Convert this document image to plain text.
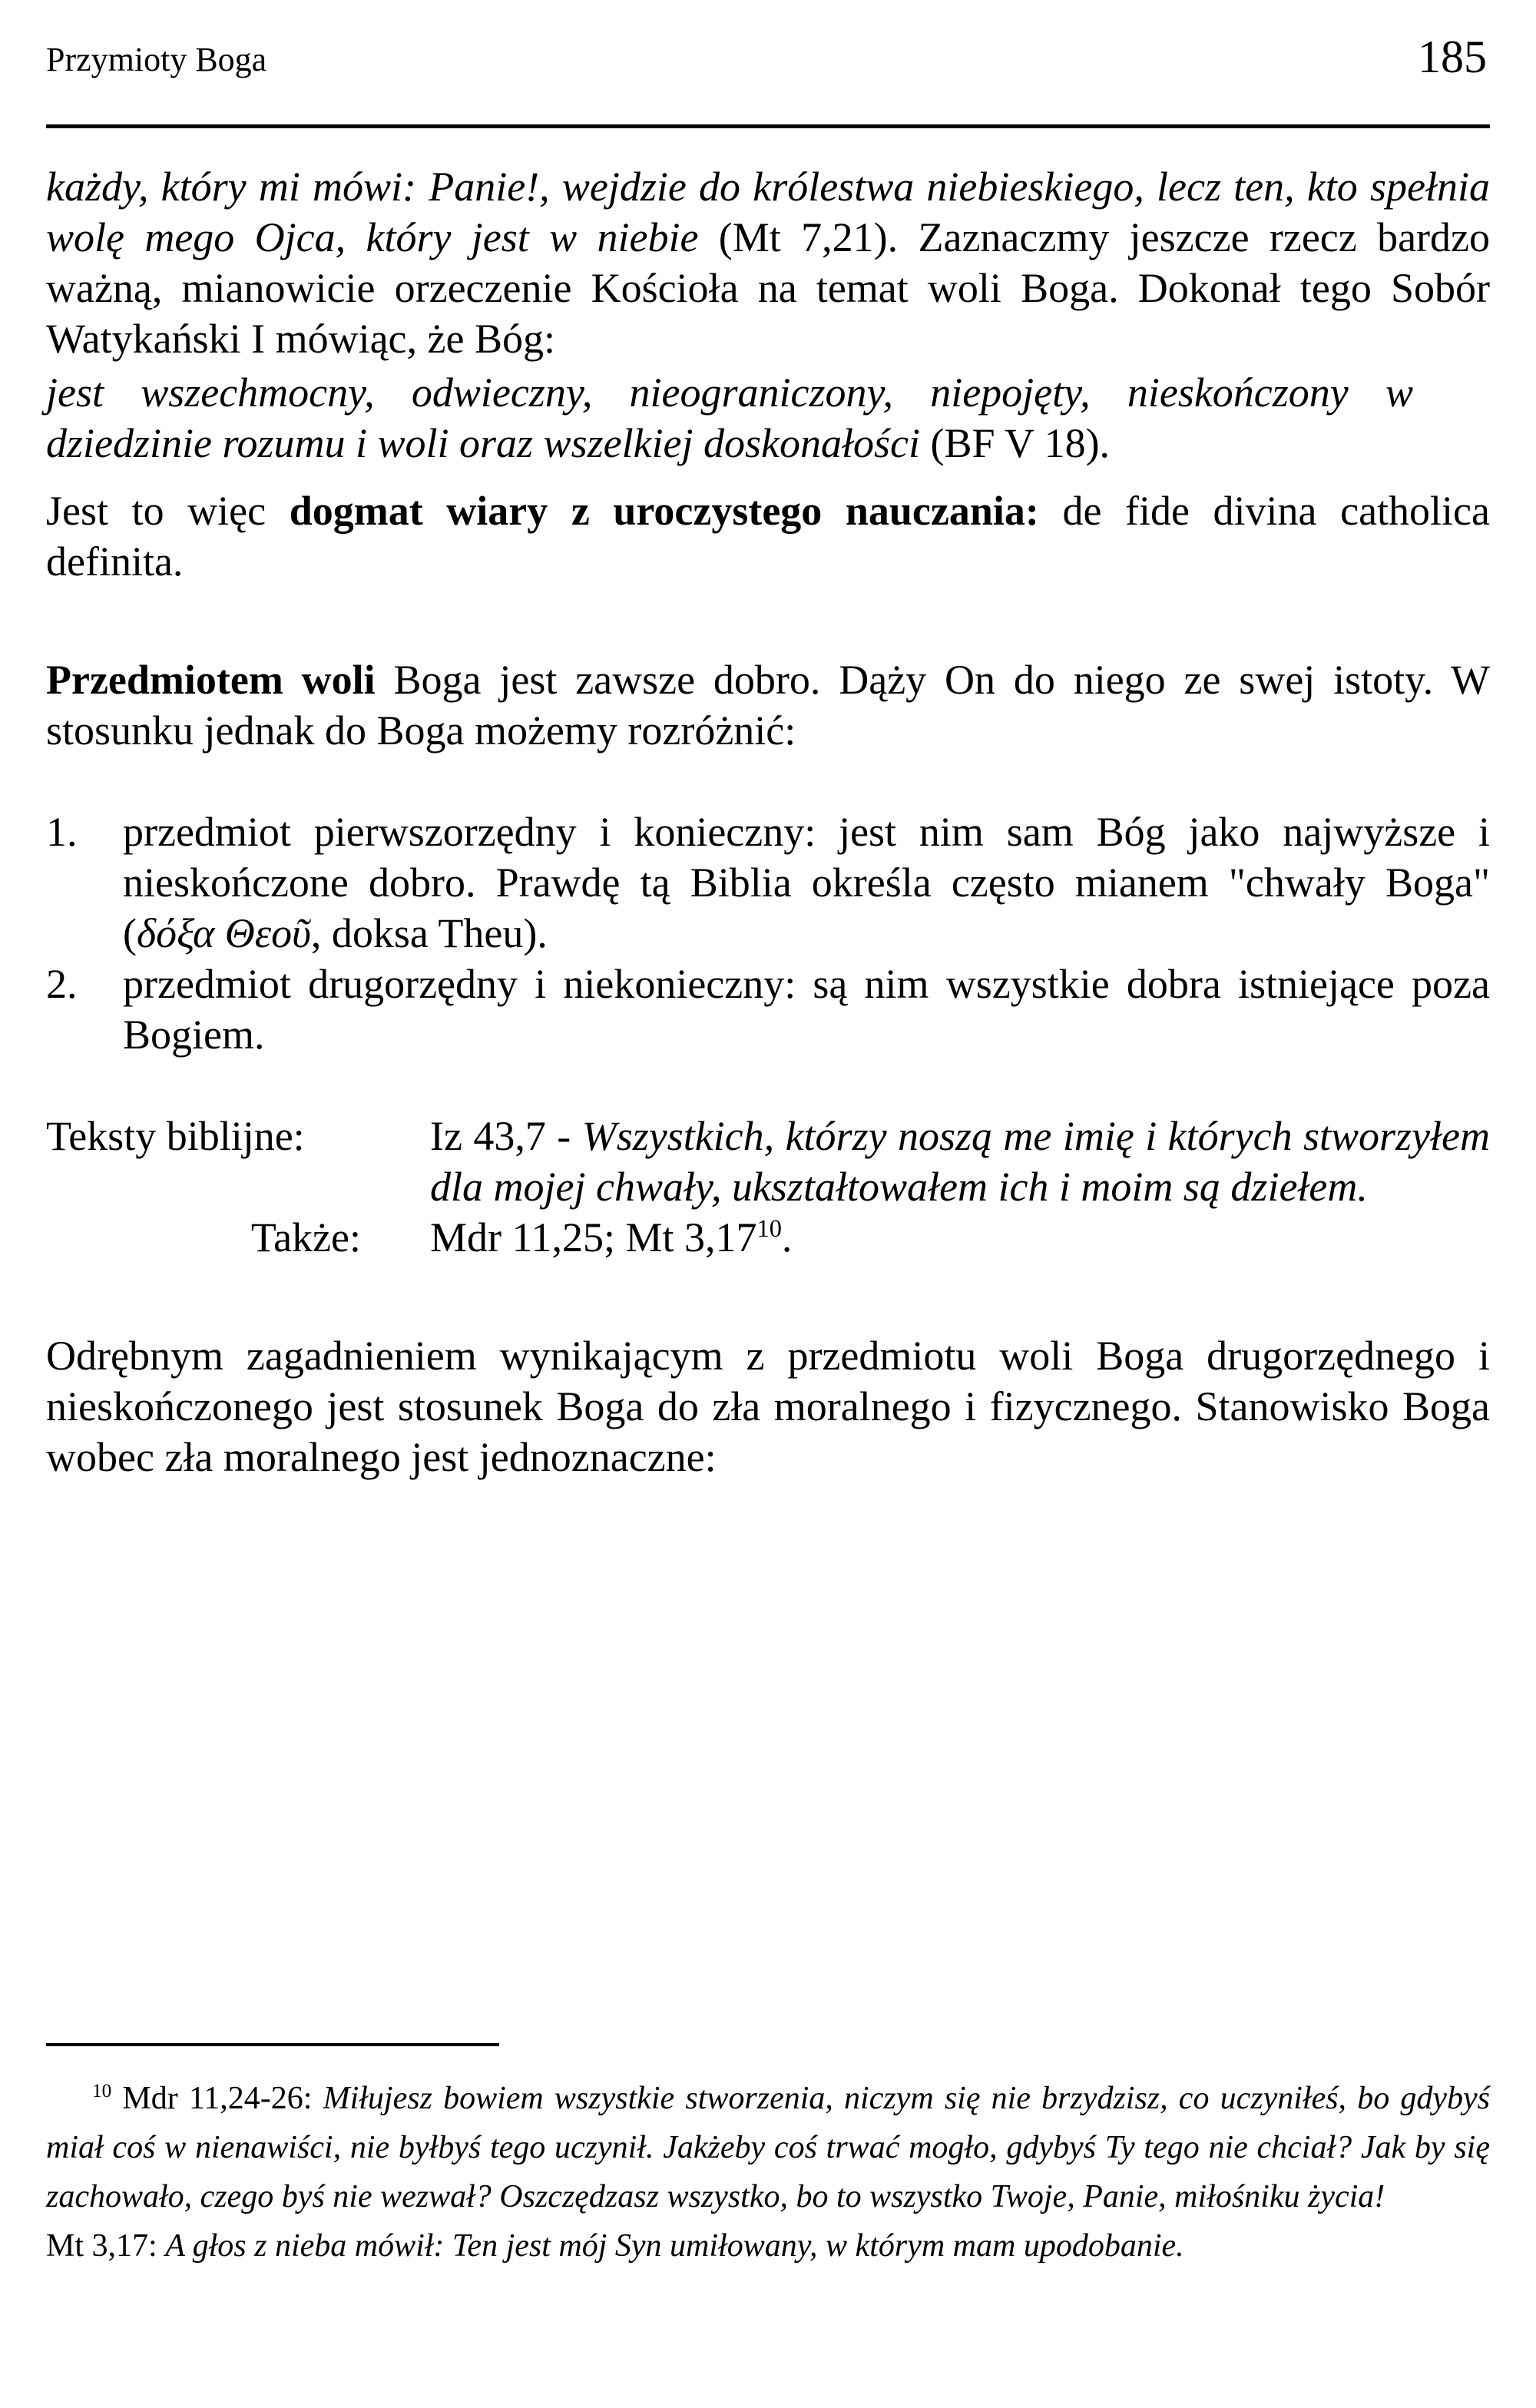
Przymioty Boga	185

każdy, który mi mówi: Panie!, wejdzie do królestwa niebieskiego, lecz ten, kto spełnia wolę mego Ojca, który jest w niebie (Mt 7,21). Zaznaczmy jeszcze rzecz bardzo ważną, mianowicie orzeczenie Kościoła na temat woli Boga. Dokonał tego Sobór Watykański I mówiąc, że Bóg:

jest wszechmocny, odwieczny, nieograniczony, niepojęty, nieskończony w dziedzinie rozumu i woli oraz wszelkiej doskonałości (BF V 18).

Jest to więc dogmat wiary z uroczystego nauczania: de fide divina catholica definita.

Przedmiotem woli Boga jest zawsze dobro. Dąży On do niego ze swej istoty. W stosunku jednak do Boga możemy rozróżnić:

1. przedmiot pierwszorzędny i konieczny: jest nim sam Bóg jako najwyższe i nieskończone dobro. Prawdę tą Biblia określa często mianem "chwały Boga" (δόξα Θεοῦ, doksa Theu).
2. przedmiot drugorzędny i niekonieczny: są nim wszystkie dobra istniejące poza Bogiem.
Teksty biblijne:	Iz 43,7 - Wszystkich, którzy noszą me imię i których stworzyłem dla mojej chwały, ukształtowałem ich i moim są dziełem.
Także: Mdr 11,25; Mt 3,17$^{10}$.

Odrębnym zagadnieniem wynikającym z przedmiotu woli Boga drugorzędnego i nieskończonego jest stosunek Boga do zła moralnego i fizycznego. Stanowisko Boga wobec zła moralnego jest jednoznaczne:

$^{10}$ Mdr 11,24-26: Miłujesz bowiem wszystkie stworzenia, niczym się nie brzydzisz, co uczyniłeś, bo gdybyś miał coś w nienawiści, nie byłbyś tego uczynił. Jakżeby coś trwać mogło, gdybyś Ty tego nie chciał? Jak by się zachowało, czego byś nie wezwał? Oszczędzasz wszystko, bo to wszystko Twoje, Panie, miłośniku życia!

Mt 3,17: A głos z nieba mówił: Ten jest mój Syn umiłowany, w którym mam upodobanie.
